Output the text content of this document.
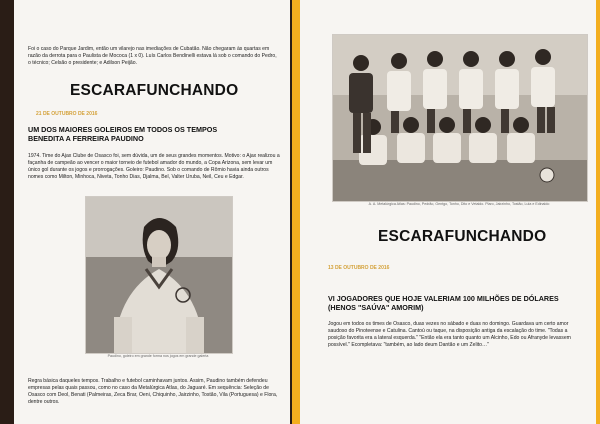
Foi o caso do Parque Jardim, então um vilarejo nas imediações de Cubatão. Não chegaram às quartas em razão da derrota para o Paulista de Mococa (1 x 0). Luís Carlos Bendinelli estava lá sob o comando do Pedro, o técnico; Celsão o presidente; e Adilson Peijão.
ESCARAFUNCHANDO
21 DE OUTUBRO DE 2016
UM DOS MAIORES GOLEIROS EM TODOS OS TEMPOS BENEDITA A FERREIRA PAUDINO
1974. Time do Ajax Clube de Osasco foi, sem dúvida, um de seus grandes momentos. Motivo: o Ajax realizou a façanha de campeão ao vencer o maior torneio de futebol amador do mundo, a Copa Arizona, sem levar um único gol durante os jogos e prorrogações. Goleiro: Paudino. Sob o comando de Rômio havia ainda outros nomes como Milton, Minhoca, Niveta, Tonho Dias, Djalma, Bel, Valter Uruba, Neil, Ceu e Edgar.
Paudino, goleiro em grande forma nos jogos em grande galeria
Regra básica daqueles tempos. Trabalho e futebol caminhavam juntos. Assim, Paudino também defendeu empresas pelas quais passou, como no caso da Metalúrgica Atlas, do Jaguaré. Em sequência: Seleção de Osasco com Deol, Benati (Palmeiras, Zeca Brar, Oeni, Chiquinho, Jairzinho, Tostão, Vila (Portuguesa) e Flora, dentre outros.
A. A. Metalúrgica Atlas: Paudino, Pedrão, Gentgo, Tonho, Dito e Vetaldo. Plaro, Jairzinho, Tostão, Lula e Edinaldo
ESCARAFUNCHANDO
13 DE OUTUBRO DE 2016
VI JOGADORES QUE HOJE VALERIAM 100 MILHÕES DE DÓLARES (HENOS "SAÚVA" AMORIM)
Jogou em todos os times de Osasco, duas vezes no sábado e duas no domingo. Guardava um certo amor saudoso do Pinoteense e Catulina. Cantoú ou taque, na disposição antiga da escalação do time. "Todas a posição favorita era a lateral esquerda." "Então ela era tanto quanto um Alcinho, Edo ou Afranyde levassem possível." Ecompletava: "também, ao lado deum Dantão e um Zelito…"
